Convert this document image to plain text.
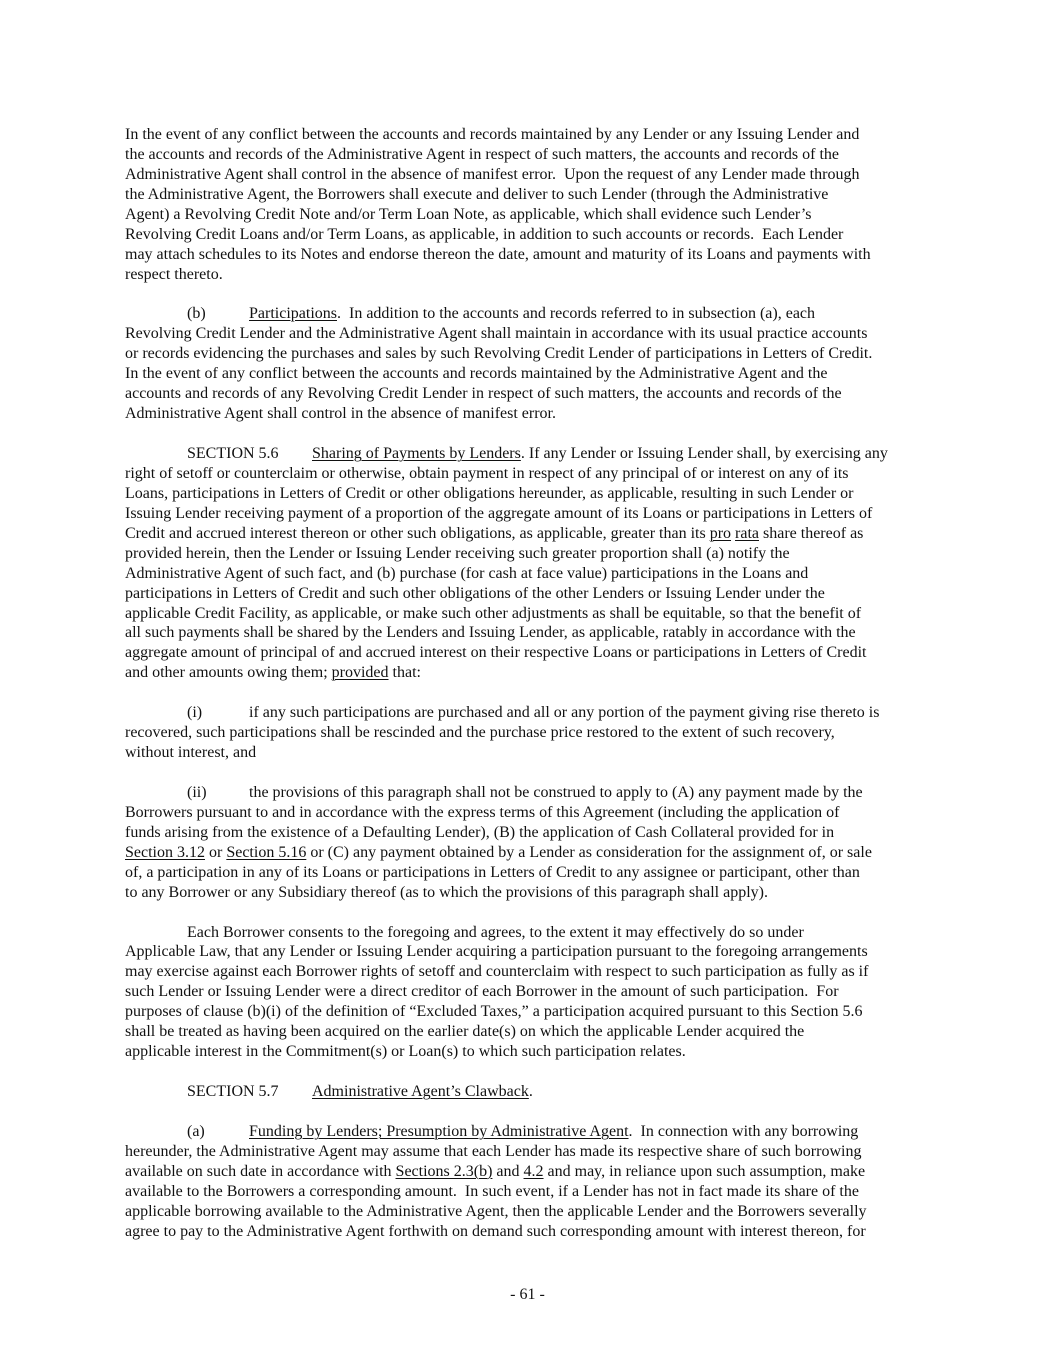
In the event of any conflict between the accounts and records maintained by any Lender or any Issuing Lender and
the accounts and records of the Administrative Agent in respect of such matters, the accounts and records of the
Administrative Agent shall control in the absence of manifest error.  Upon the request of any Lender made through
the Administrative Agent, the Borrowers shall execute and deliver to such Lender (through the Administrative
Agent) a Revolving Credit Note and/or Term Loan Note, as applicable, which shall evidence such Lender’s
Revolving Credit Loans and/or Term Loans, as applicable, in addition to such accounts or records.  Each Lender
may attach schedules to its Notes and endorse thereon the date, amount and maturity of its Loans and payments with
respect thereto.
(b)	Participations.  In addition to the accounts and records referred to in subsection (a), each
Revolving Credit Lender and the Administrative Agent shall maintain in accordance with its usual practice accounts
or records evidencing the purchases and sales by such Revolving Credit Lender of participations in Letters of Credit.
In the event of any conflict between the accounts and records maintained by the Administrative Agent and the
accounts and records of any Revolving Credit Lender in respect of such matters, the accounts and records of the
Administrative Agent shall control in the absence of manifest error.
SECTION 5.6 Sharing of Payments by Lenders. If any Lender or Issuing Lender shall, by exercising any
right of setoff or counterclaim or otherwise, obtain payment in respect of any principal of or interest on any of its
Loans, participations in Letters of Credit or other obligations hereunder, as applicable, resulting in such Lender or
Issuing Lender receiving payment of a proportion of the aggregate amount of its Loans or participations in Letters of
Credit and accrued interest thereon or other such obligations, as applicable, greater than its pro rata share thereof as
provided herein, then the Lender or Issuing Lender receiving such greater proportion shall (a) notify the
Administrative Agent of such fact, and (b) purchase (for cash at face value) participations in the Loans and
participations in Letters of Credit and such other obligations of the other Lenders or Issuing Lender under the
applicable Credit Facility, as applicable, or make such other adjustments as shall be equitable, so that the benefit of
all such payments shall be shared by the Lenders and Issuing Lender, as applicable, ratably in accordance with the
aggregate amount of principal of and accrued interest on their respective Loans or participations in Letters of Credit
and other amounts owing them; provided that:
(i)	if any such participations are purchased and all or any portion of the payment giving rise thereto is
recovered, such participations shall be rescinded and the purchase price restored to the extent of such recovery,
without interest, and
(ii)	the provisions of this paragraph shall not be construed to apply to (A) any payment made by the
Borrowers pursuant to and in accordance with the express terms of this Agreement (including the application of
funds arising from the existence of a Defaulting Lender), (B) the application of Cash Collateral provided for in
Section 3.12 or Section 5.16 or (C) any payment obtained by a Lender as consideration for the assignment of, or sale
of, a participation in any of its Loans or participations in Letters of Credit to any assignee or participant, other than
to any Borrower or any Subsidiary thereof (as to which the provisions of this paragraph shall apply).
Each Borrower consents to the foregoing and agrees, to the extent it may effectively do so under
Applicable Law, that any Lender or Issuing Lender acquiring a participation pursuant to the foregoing arrangements
may exercise against each Borrower rights of setoff and counterclaim with respect to such participation as fully as if
such Lender or Issuing Lender were a direct creditor of each Borrower in the amount of such participation.  For
purposes of clause (b)(i) of the definition of “Excluded Taxes,” a participation acquired pursuant to this Section 5.6
shall be treated as having been acquired on the earlier date(s) on which the applicable Lender acquired the
applicable interest in the Commitment(s) or Loan(s) to which such participation relates.
SECTION 5.7 Administrative Agent’s Clawback.
(a)	Funding by Lenders; Presumption by Administrative Agent.  In connection with any borrowing
hereunder, the Administrative Agent may assume that each Lender has made its respective share of such borrowing
available on such date in accordance with Sections 2.3(b) and 4.2 and may, in reliance upon such assumption, make
available to the Borrowers a corresponding amount.  In such event, if a Lender has not in fact made its share of the
applicable borrowing available to the Administrative Agent, then the applicable Lender and the Borrowers severally
agree to pay to the Administrative Agent forthwith on demand such corresponding amount with interest thereon, for
- 61 -
